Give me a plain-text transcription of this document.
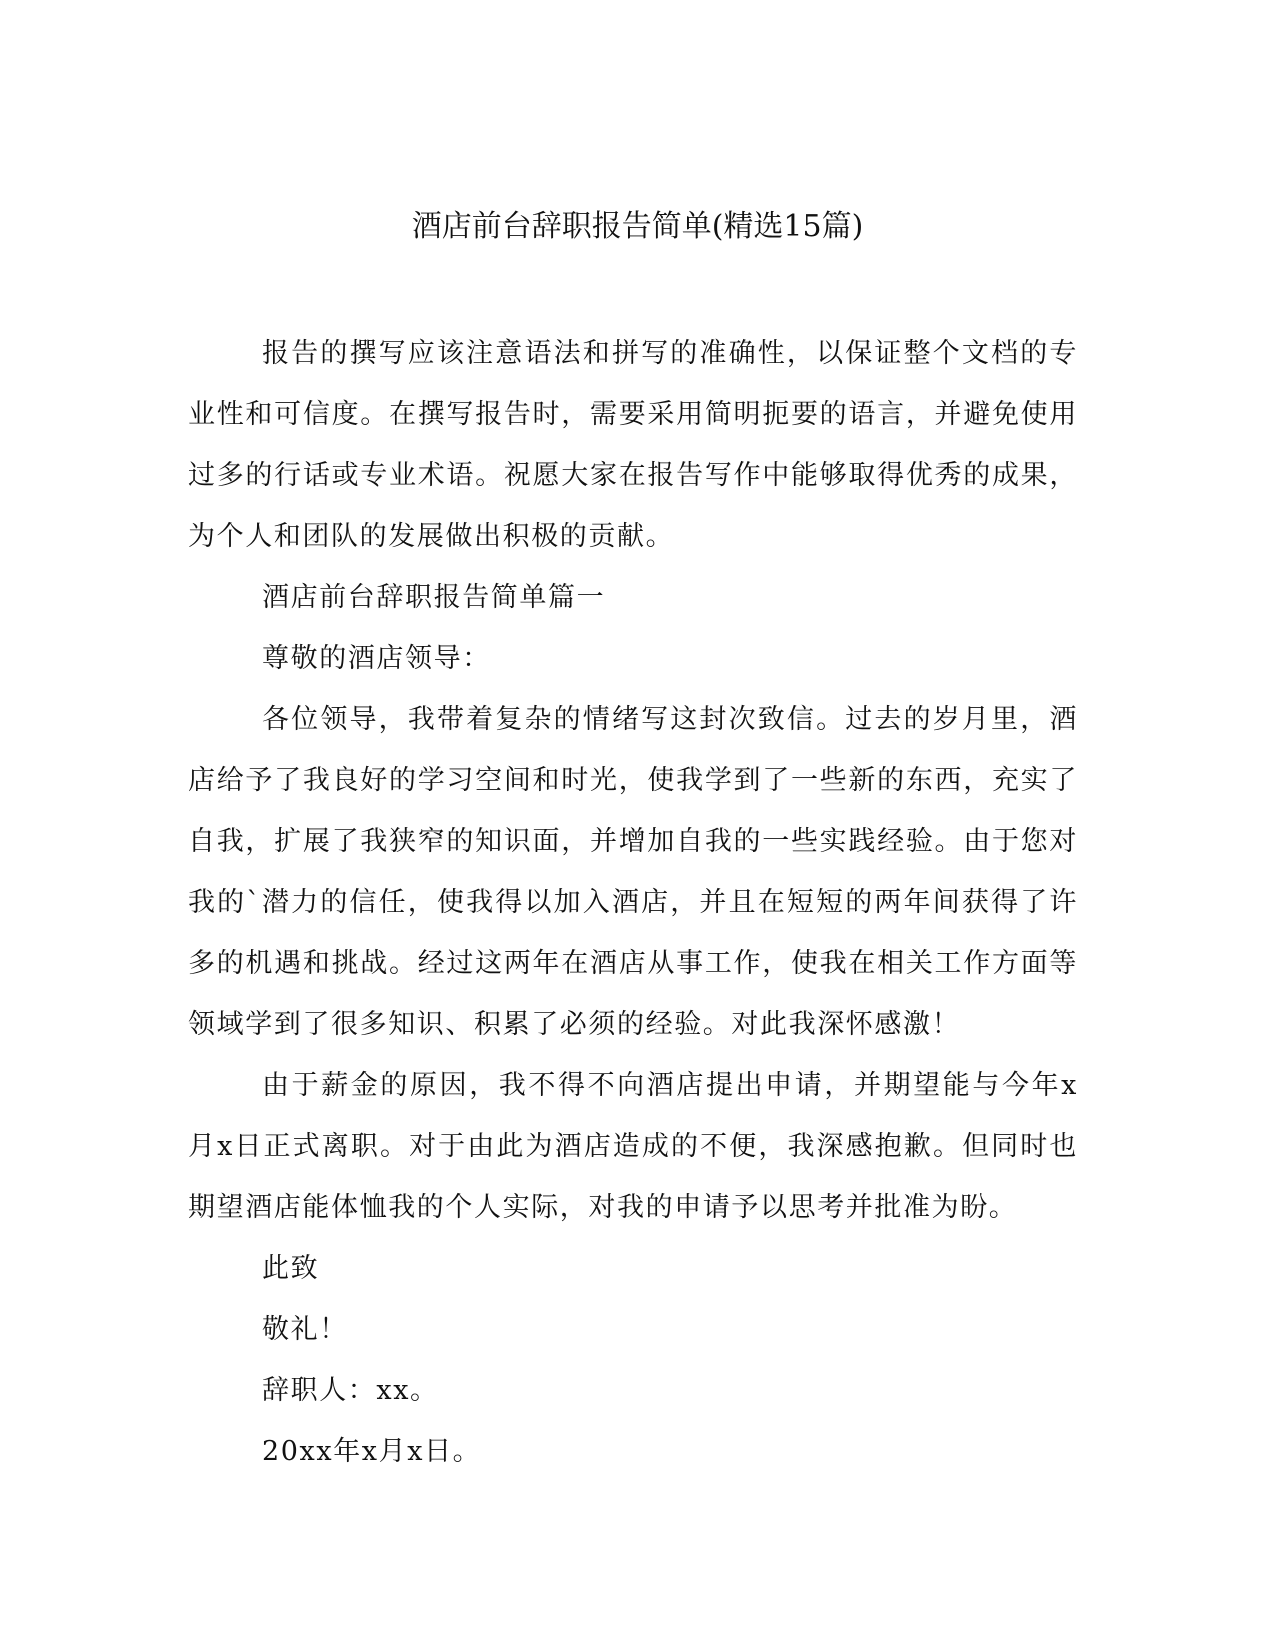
酒店前台辞职报告简单(精选15篇)

报告的撰写应该注意语法和拼写的准确性，以保证整个文档的专业性和可信度。在撰写报告时，需要采用简明扼要的语言，并避免使用过多的行话或专业术语。祝愿大家在报告写作中能够取得优秀的成果，为个人和团队的发展做出积极的贡献。

酒店前台辞职报告简单篇一

尊敬的酒店领导：

各位领导，我带着复杂的情绪写这封次致信。过去的岁月里，酒店给予了我良好的学习空间和时光，使我学到了一些新的东西，充实了自我，扩展了我狭窄的知识面，并增加自我的一些实践经验。由于您对我的`潜力的信任，使我得以加入酒店，并且在短短的两年间获得了许多的机遇和挑战。经过这两年在酒店从事工作，使我在相关工作方面等领域学到了很多知识、积累了必须的经验。对此我深怀感激！

由于薪金的原因，我不得不向酒店提出申请，并期望能与今年x月x日正式离职。对于由此为酒店造成的不便，我深感抱歉。但同时也期望酒店能体恤我的个人实际，对我的申请予以思考并批准为盼。

此致

敬礼！

辞职人：xx。

20xx年x月x日。
